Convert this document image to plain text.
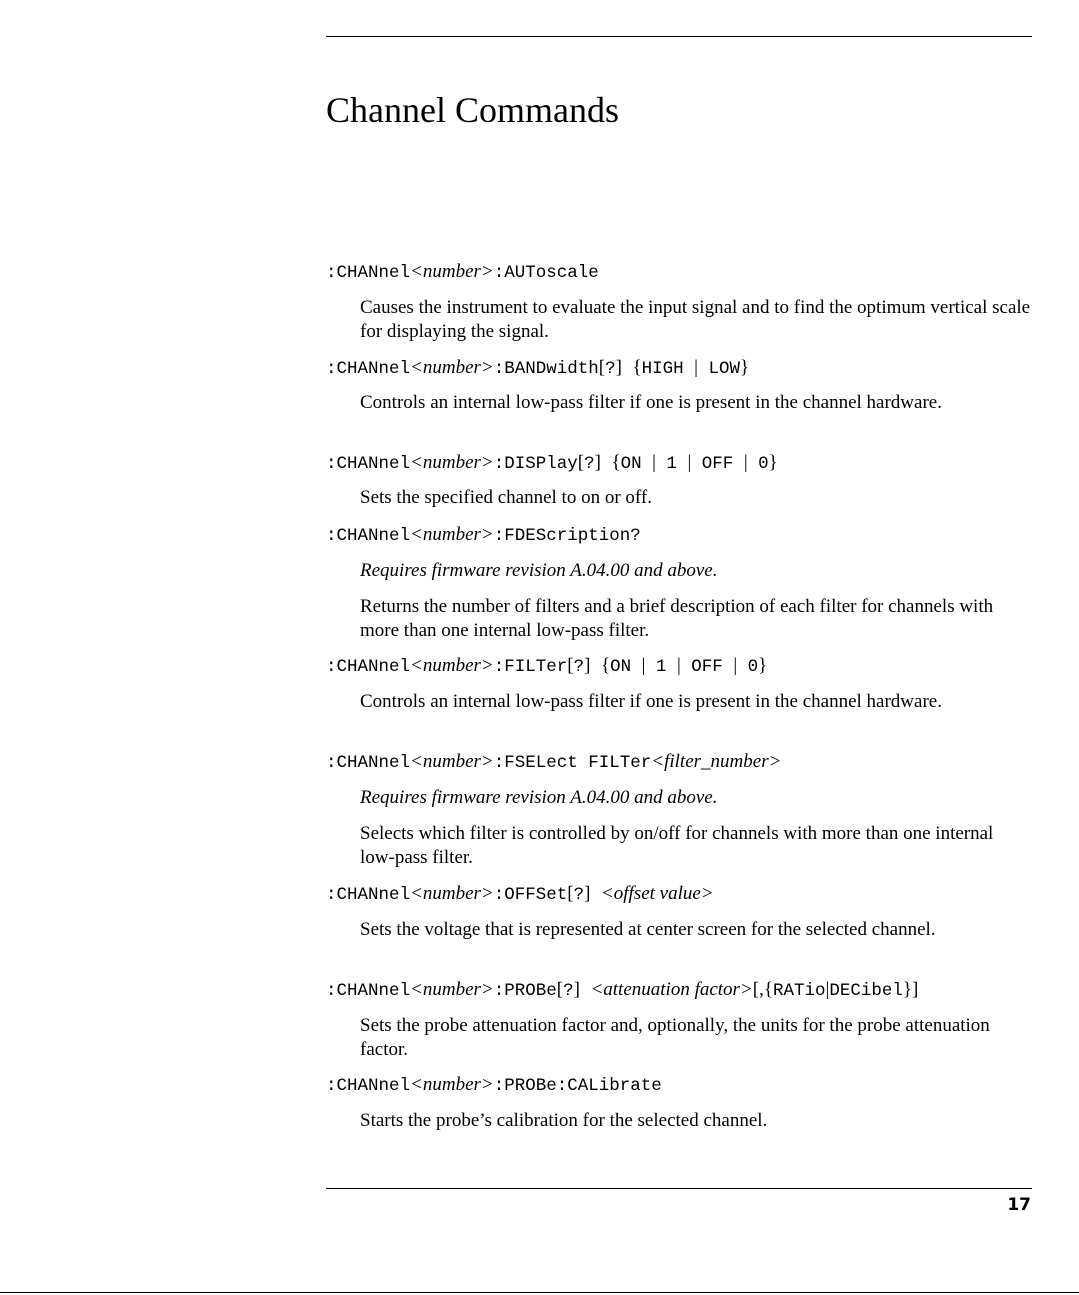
Channel Commands

:CHANnel<number>:AUToscale

Causes the instrument to evaluate the input signal and to find the optimum vertical scale for displaying the signal.

:CHANnel<number>:BANDwidth[?] {HIGH | LOW}

Controls an internal low-pass filter if one is present in the channel hardware.

:CHANnel<number>:DISPlay[?] {ON | 1 | OFF | 0}

Sets the specified channel to on or off.

:CHANnel<number>:FDEScription?

Requires firmware revision A.04.00 and above.

Returns the number of filters and a brief description of each filter for channels with more than one internal low-pass filter.

:CHANnel<number>:FILTer[?] {ON | 1 | OFF | 0}

Controls an internal low-pass filter if one is present in the channel hardware.

:CHANnel<number>:FSELect FILTer<filter_number>

Requires firmware revision A.04.00 and above.

Selects which filter is controlled by on/off for channels with more than one internal low-pass filter.

:CHANnel<number>:OFFSet[?] <offset value>

Sets the voltage that is represented at center screen for the selected channel.

:CHANnel<number>:PROBe[?] <attenuation factor>[,{RATio|DECibel}]

Sets the probe attenuation factor and, optionally, the units for the probe attenuation factor.

:CHANnel<number>:PROBe:CALibrate

Starts the probe’s calibration for the selected channel.

17
